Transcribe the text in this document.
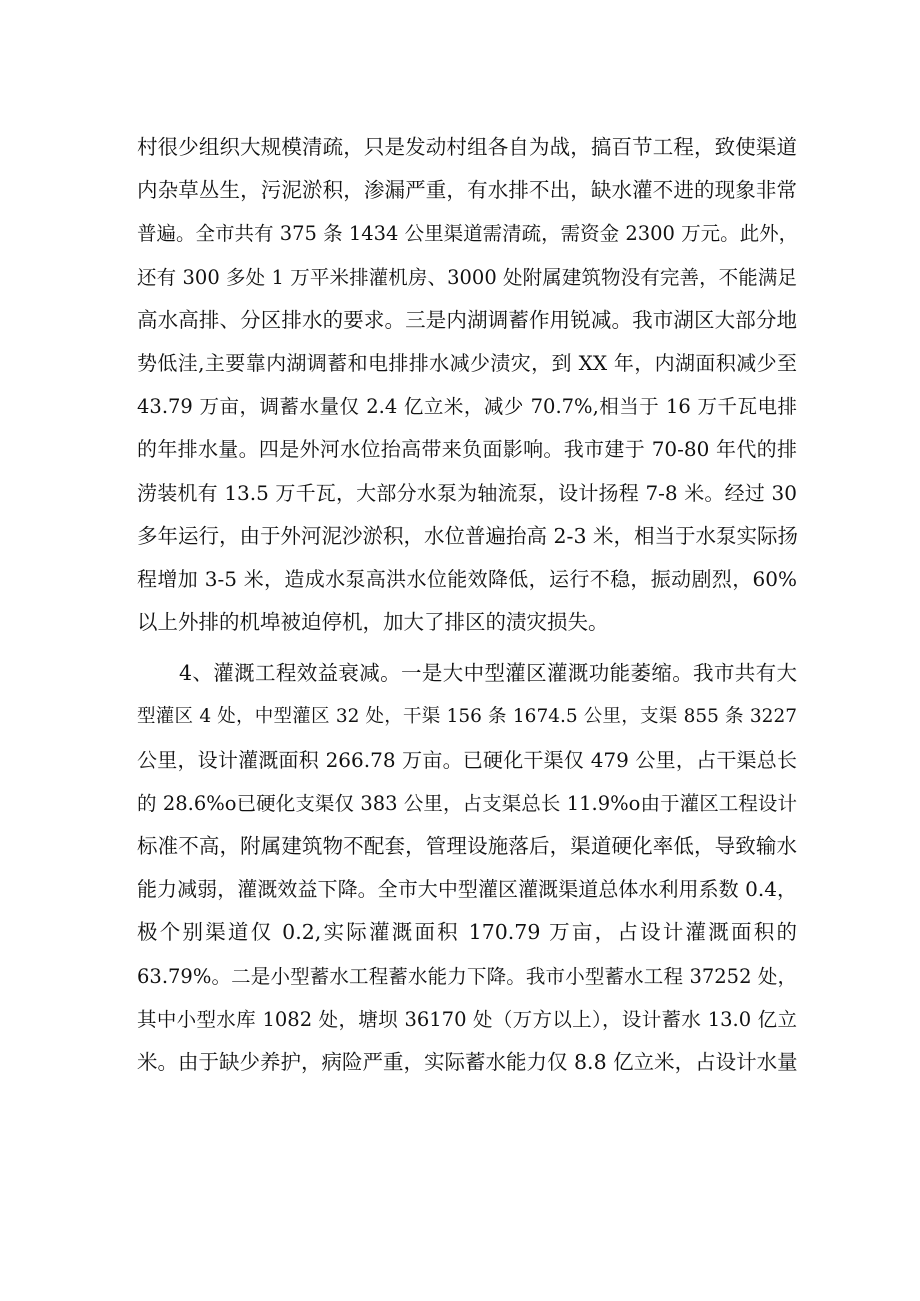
村很少组织大规模清疏，只是发动村组各自为战，搞百节工程，致使渠道
内杂草丛生，污泥淤积，渗漏严重，有水排不出，缺水灌不进的现象非常
普遍。全市共有 375 条 1434 公里渠道需清疏，需资金 2300 万元。此外，
还有 300 多处 1 万平米排灌机房、3000 处附属建筑物没有完善，不能满足
高水高排、分区排水的要求。三是内湖调蓄作用锐减。我市湖区大部分地
势低洼,主要靠内湖调蓄和电排排水减少渍灾，到 XX 年，内湖面积减少至
43.79 万亩，调蓄水量仅 2.4 亿立米，减少 70.7%,相当于 16 万千瓦电排
的年排水量。四是外河水位抬高带来负面影响。我市建于 70-80 年代的排
涝装机有 13.5 万千瓦，大部分水泵为轴流泵，设计扬程 7-8 米。经过 30
多年运行，由于外河泥沙淤积，水位普遍抬高 2-3 米，相当于水泵实际扬
程增加 3-5 米，造成水泵高洪水位能效降低，运行不稳，振动剧烈，60%
以上外排的机埠被迫停机，加大了排区的渍灾损失。
4、灌溉工程效益衰减。一是大中型灌区灌溉功能萎缩。我市共有大
型灌区 4 处，中型灌区 32 处，干渠 156 条 1674.5 公里，支渠 855 条 3227
公里，设计灌溉面积 266.78 万亩。已硬化干渠仅 479 公里，占干渠总长
的 28.6%o已硬化支渠仅 383 公里，占支渠总长 11.9%o由于灌区工程设计
标准不高，附属建筑物不配套，管理设施落后，渠道硬化率低，导致输水
能力减弱，灌溉效益下降。全市大中型灌区灌溉渠道总体水利用系数 0.4，
极个别渠道仅 0.2,实际灌溉面积 170.79 万亩，占设计灌溉面积的
63.79%。二是小型蓄水工程蓄水能力下降。我市小型蓄水工程 37252 处，
其中小型水库 1082 处，塘坝 36170 处（万方以上），设计蓄水 13.0 亿立
米。由于缺少养护，病险严重，实际蓄水能力仅 8.8 亿立米，占设计水量
